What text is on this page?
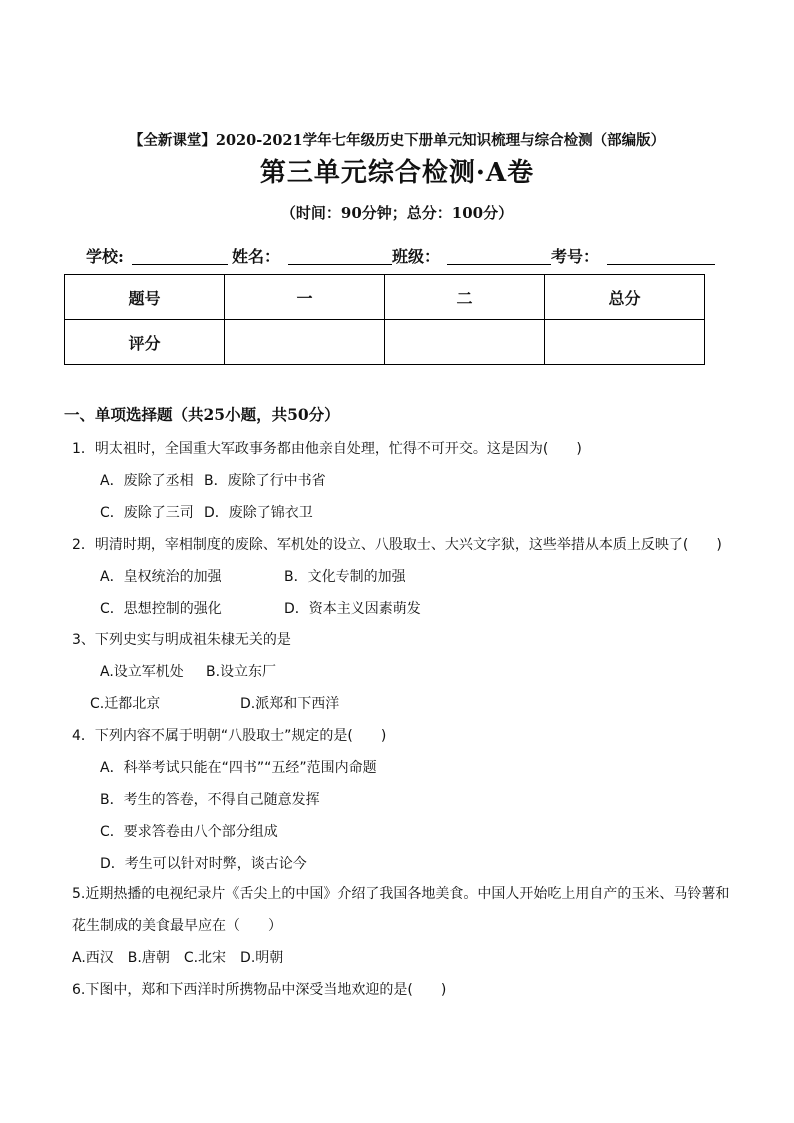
【全新课堂】2020-2021学年七年级历史下册单元知识梳理与综合检测（部编版）
第三单元综合检测·A卷
（时间：90分钟；总分：100分）
学校:	姓名：	班级：	考号：
题号	一	二	总分
评分			
一、单项选择题（共25小题，共50分）
1．明太祖时，全国重大军政事务都由他亲自处理，忙得不可开交。这是因为(　　)
A．废除了丞相 B．废除了行中书省
C．废除了三司 D．废除了锦衣卫
2．明清时期，宰相制度的废除、军机处的设立、八股取士、大兴文字狱，这些举措从本质上反映了(　　)
A．皇权统治的加强	B．文化专制的加强
C．思想控制的强化	D．资本主义因素萌发
3、下列史实与明成祖朱棣无关的是
A.设立军机处 B.设立东厂
C.迁都北京	D.派郑和下西洋
4．下列内容不属于明朝“八股取士”规定的是(　　)
A．科举考试只能在“四书”“五经”范围内命题
B．考生的答卷，不得自己随意发挥
C．要求答卷由八个部分组成
D．考生可以针对时弊，谈古论今
5.近期热播的电视纪录片《舌尖上的中国》介绍了我国各地美食。中国人开始吃上用自产的玉米、马铃薯和
花生制成的美食最早应在（　　）
A.西汉　B.唐朝　C.北宋　D.明朝
6.下图中，郑和下西洋时所携物品中深受当地欢迎的是(　　)
